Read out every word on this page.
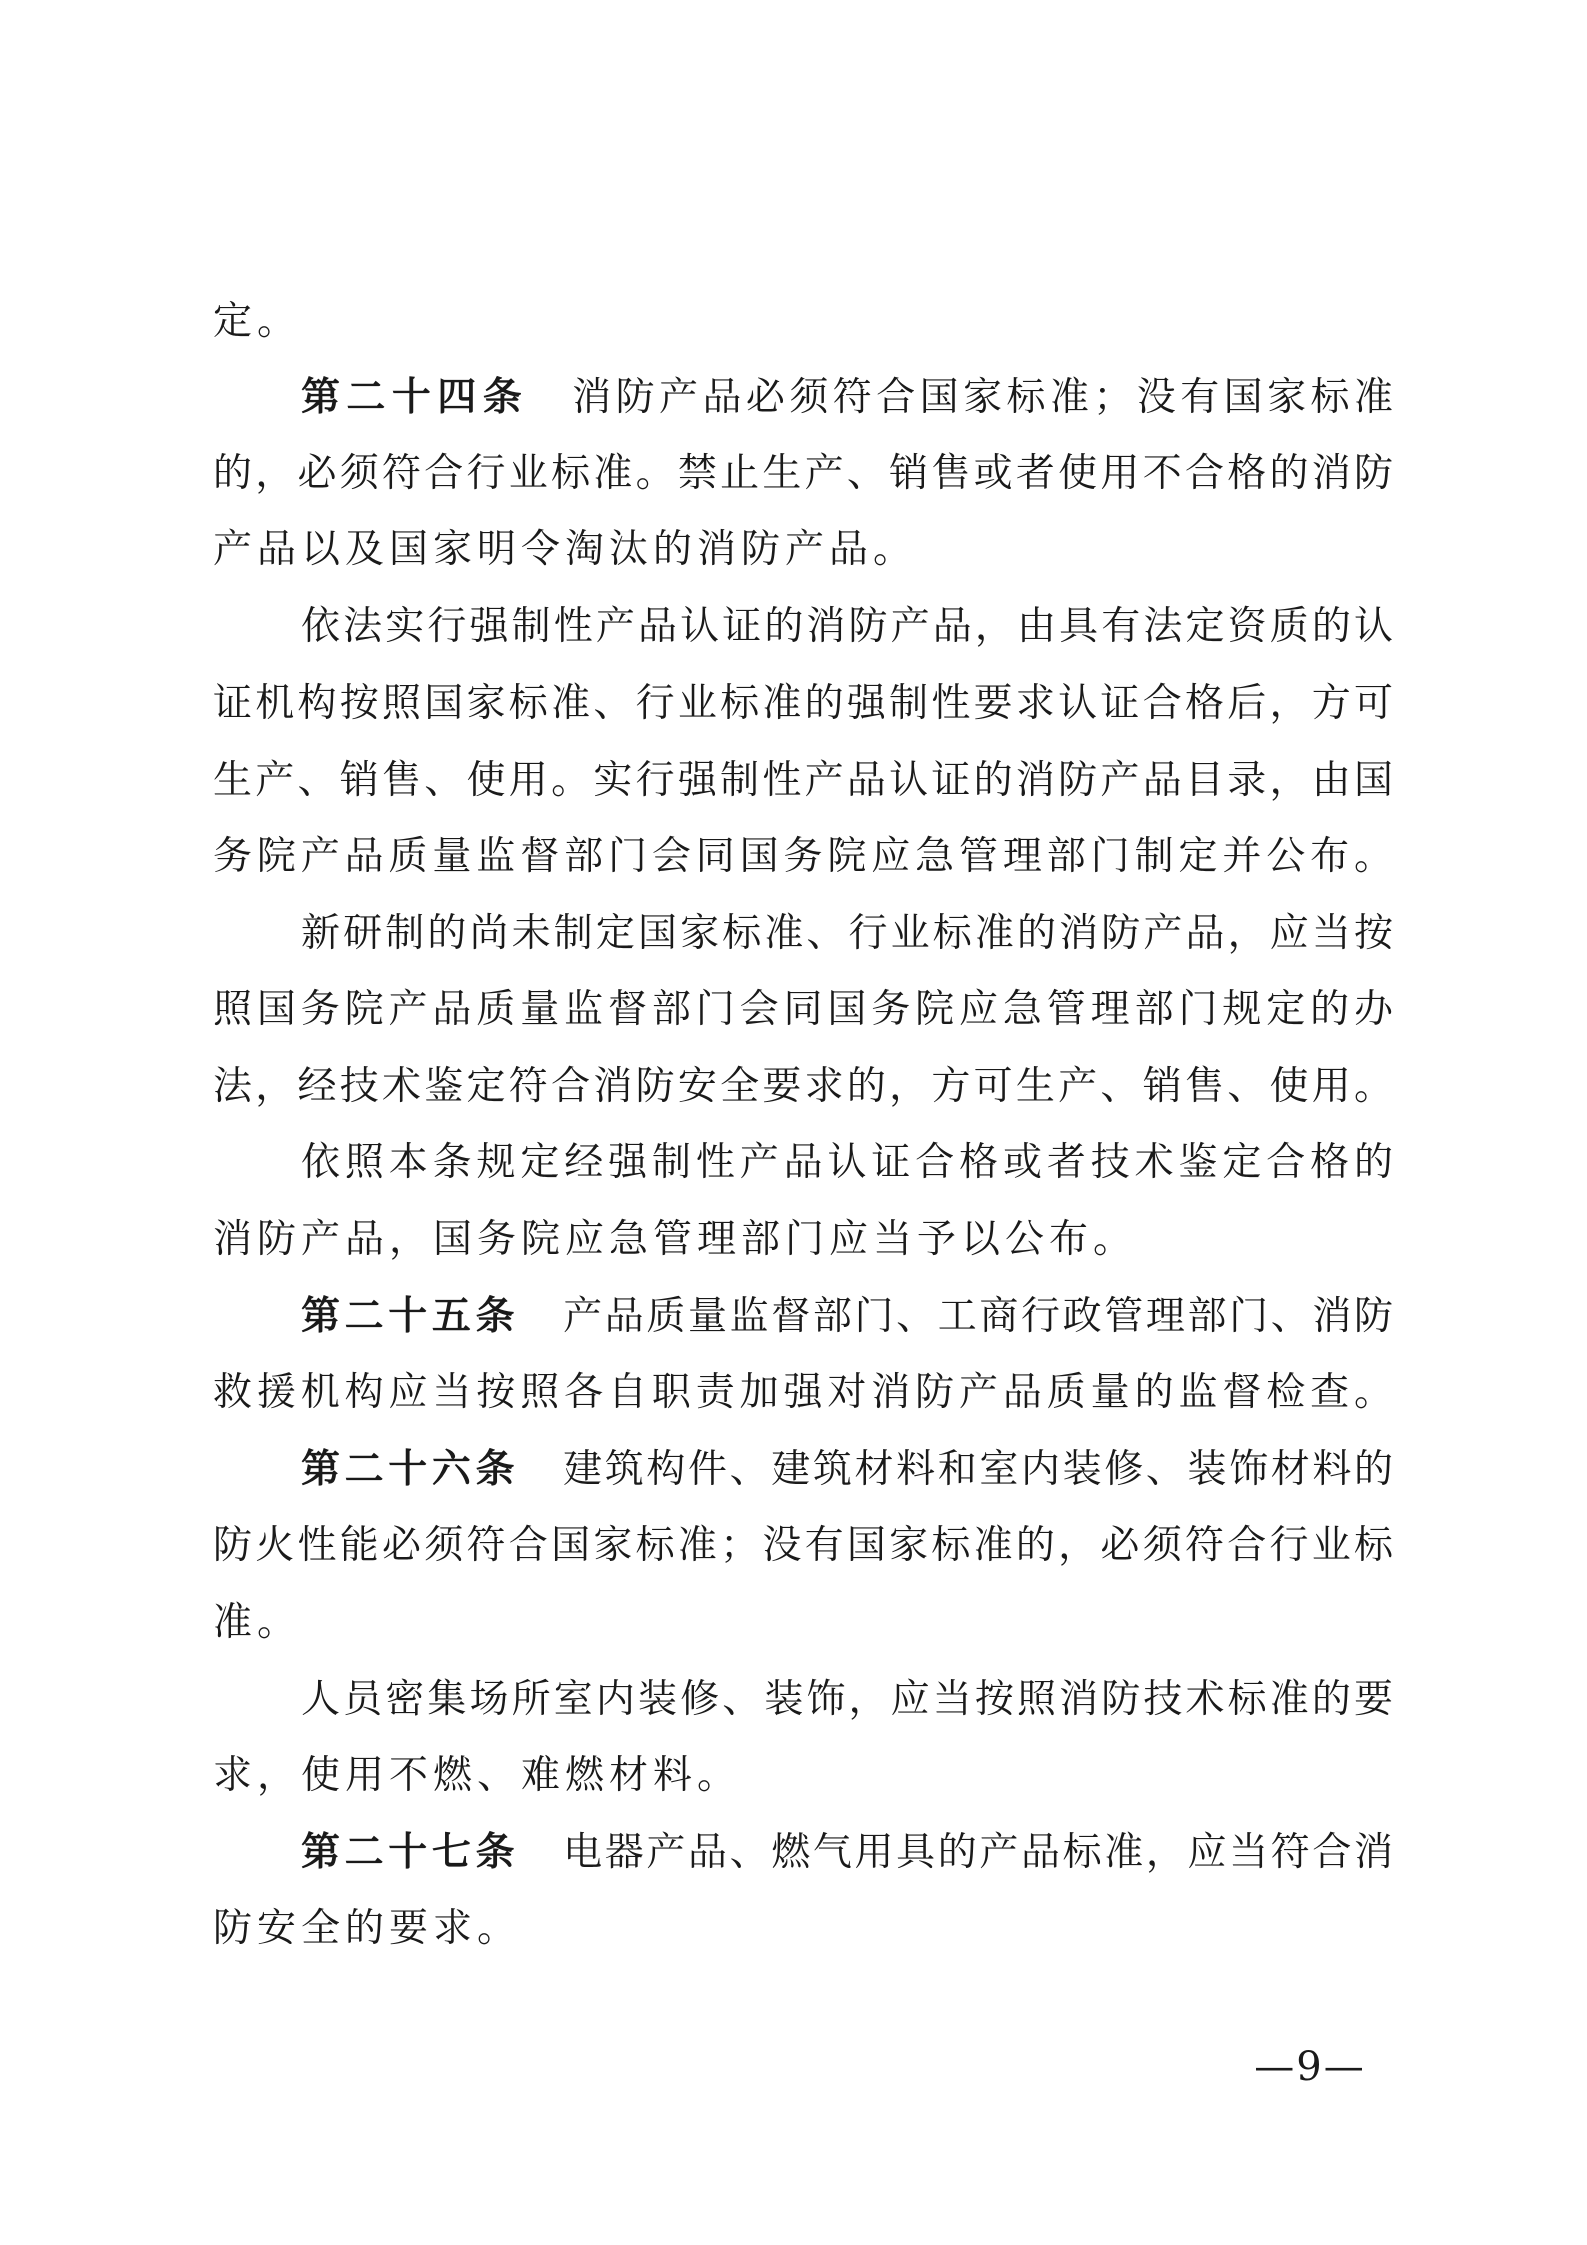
定。
第二十四条 消防产品必须符合国家标准；没有国家标准
的，必须符合行业标准。禁止生产、销售或者使用不合格的消防
产品以及国家明令淘汰的消防产品。
依法实行强制性产品认证的消防产品，由具有法定资质的认
证机构按照国家标准、行业标准的强制性要求认证合格后，方可
生产、销售、使用。实行强制性产品认证的消防产品目录，由国
务院产品质量监督部门会同国务院应急管理部门制定并公布。
新研制的尚未制定国家标准、行业标准的消防产品，应当按
照国务院产品质量监督部门会同国务院应急管理部门规定的办
法，经技术鉴定符合消防安全要求的，方可生产、销售、使用。
依照本条规定经强制性产品认证合格或者技术鉴定合格的
消防产品，国务院应急管理部门应当予以公布。
第二十五条 产品质量监督部门、工商行政管理部门、消防
救援机构应当按照各自职责加强对消防产品质量的监督检查。
第二十六条 建筑构件、建筑材料和室内装修、装饰材料的
防火性能必须符合国家标准；没有国家标准的，必须符合行业标
准。
人员密集场所室内装修、装饰，应当按照消防技术标准的要
求，使用不燃、难燃材料。
第二十七条 电器产品、燃气用具的产品标准，应当符合消
防安全的要求。
—9—
